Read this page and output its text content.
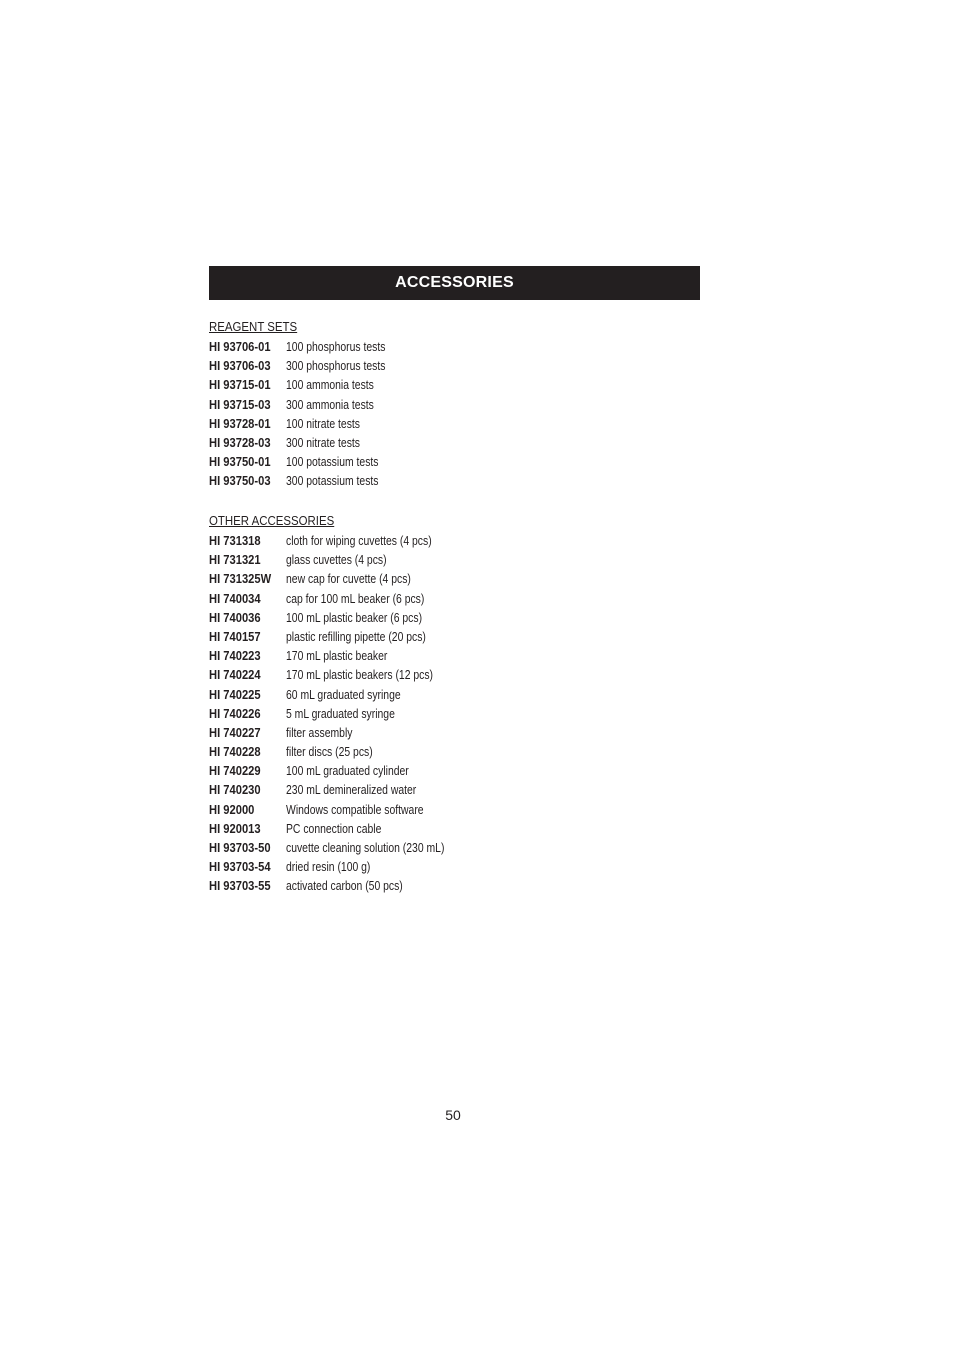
ACCESSORIES
REAGENT SETS
HI 93706-01 100 phosphorus tests
HI 93706-03 300 phosphorus tests
HI 93715-01 100 ammonia tests
HI 93715-03 300 ammonia tests
HI 93728-01 100 nitrate tests
HI 93728-03 300 nitrate tests
HI 93750-01 100 potassium tests
HI 93750-03 300 potassium tests
OTHER ACCESSORIES
HI 731318 cloth for wiping cuvettes (4 pcs)
HI 731321 glass cuvettes (4 pcs)
HI 731325W new cap for cuvette (4 pcs)
HI 740034 cap for 100 mL beaker (6 pcs)
HI 740036 100 mL plastic beaker (6 pcs)
HI 740157 plastic refilling pipette (20 pcs)
HI 740223 170 mL plastic beaker
HI 740224 170 mL plastic beakers (12 pcs)
HI 740225 60 mL graduated syringe
HI 740226 5 mL graduated syringe
HI 740227 filter assembly
HI 740228 filter discs (25 pcs)
HI 740229 100 mL graduated cylinder
HI 740230 230 mL demineralized water
HI 92000 Windows compatible software
HI 920013 PC connection cable
HI 93703-50 cuvette cleaning solution (230 mL)
HI 93703-54 dried resin (100 g)
HI 93703-55 activated carbon (50 pcs)
50
